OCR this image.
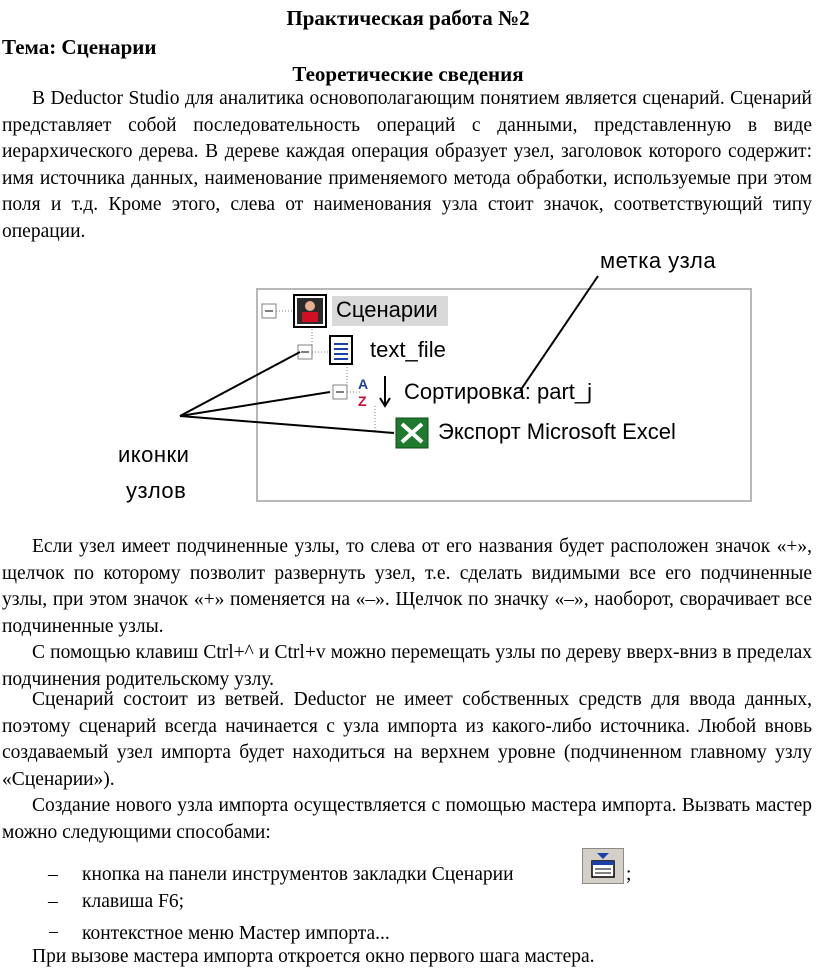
Практическая работа №2
Тема: Сценарии
Теоретические сведения

В Deductor Studio для аналитика основополагающим понятием является сценарий. Сценарий представляет собой последовательность операций с данными, представленную в виде иерархического дерева. В дереве каждая операция образует узел, заголовок которого содержит: имя источника данных, наименование применяемого метода обработки, используемые при этом поля и т.д. Кроме этого, слева от наименования узла стоит значок, соответствующий типу операции.

A
Z
Сценарии
text_file
Сортировка: part_j
Экспорт Microsoft Excel
метка узла
иконки
узлов

Если узел имеет подчиненные узлы, то слева от его названия будет расположен значок «+», щелчок по которому позволит развернуть узел, т.е. сделать видимыми все его подчиненные узлы, при этом значок «+» поменяется на «–». Щелчок по значку «–», наоборот, сворачивает все подчиненные узлы.

С помощью клавиш Ctrl+^ и Ctrl+v можно перемещать узлы по дереву вверх-вниз в пределах подчинения родительскому узлу.

Сценарий состоит из ветвей. Deductor не имеет собственных средств для ввода данных, поэтому сценарий всегда начинается с узла импорта из какого-либо источника. Любой вновь создаваемый узел импорта будет находиться на верхнем уровне (подчиненном главному узлу «Сценарии»).

Создание нового узла импорта осуществляется с помощью мастера импорта. Вызвать мастер можно следующими способами:

– кнопка на панели инструментов закладки Сценарии	;
– клавиша F6;
− контекстное меню Мастер импорта...
При вызове мастера импорта откроется окно первого шага мастера.
